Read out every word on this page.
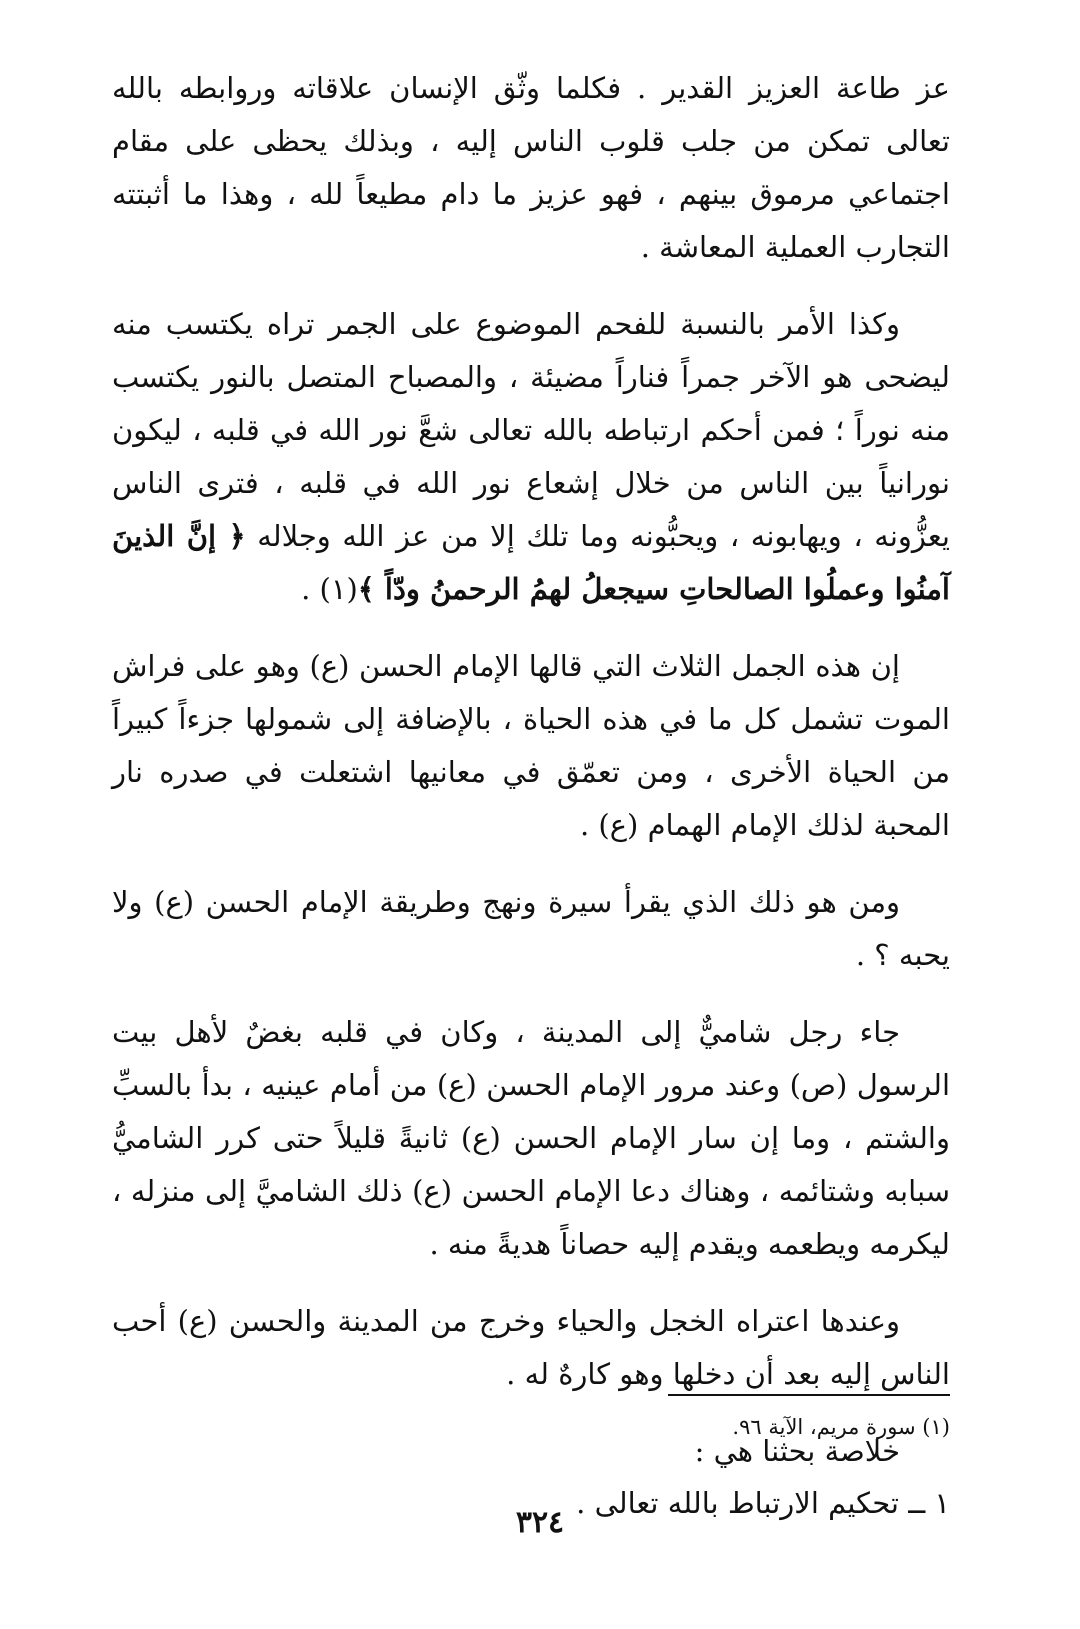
عز طاعة العزيز القدير . فكلما وثّق الإنسان علاقاته وروابطه بالله تعالى تمكن من جلب قلوب الناس إليه ، وبذلك يحظى على مقام اجتماعي مرموق بينهم ، فهو عزيز ما دام مطيعاً لله ، وهذا ما أثبتته التجارب العملية المعاشة .

وكذا الأمر بالنسبة للفحم الموضوع على الجمر تراه يكتسب منه ليضحى هو الآخر جمراً فناراً مضيئة ، والمصباح المتصل بالنور يكتسب منه نوراً ؛ فمن أحكم ارتباطه بالله تعالى شعَّ نور الله في قلبه ، ليكون نورانياً بين الناس من خلال إشعاع نور الله في قلبه ، فترى الناس يعزُّونه ، ويهابونه ، ويحبُّونه وما تلك إلا من عز الله وجلاله ﴿ إنَّ الذينَ آمنُوا وعملُوا الصالحاتِ سيجعلُ لهمُ الرحمنُ ودّاً ﴾(١) .

إن هذه الجمل الثلاث التي قالها الإمام الحسن (ع) وهو على فراش الموت تشمل كل ما في هذه الحياة ، بالإضافة إلى شمولها جزءاً كبيراً من الحياة الأخرى ، ومن تعمّق في معانيها اشتعلت في صدره نار المحبة لذلك الإمام الهمام (ع) .

ومن هو ذلك الذي يقرأ سيرة ونهج وطريقة الإمام الحسن (ع) ولا يحبه ؟ .

جاء رجل شاميٌّ إلى المدينة ، وكان في قلبه بغضٌ لأهل بيت الرسول (ص) وعند مرور الإمام الحسن (ع) من أمام عينيه ، بدأ بالسبِّ والشتم ، وما إن سار الإمام الحسن (ع) ثانيةً قليلاً حتى كرر الشاميُّ سبابه وشتائمه ، وهناك دعا الإمام الحسن (ع) ذلك الشاميَّ إلى منزله ، ليكرمه ويطعمه ويقدم إليه حصاناً هديةً منه .

وعندها اعتراه الخجل والحياء وخرج من المدينة والحسن (ع) أحب الناس إليه بعد أن دخلها وهو كارهٌ له .

خلاصة بحثنا هي :

١ ــ تحكيم الارتباط بالله تعالى .

(١) سورة مريم، الآية ٩٦.
٣٢٤
